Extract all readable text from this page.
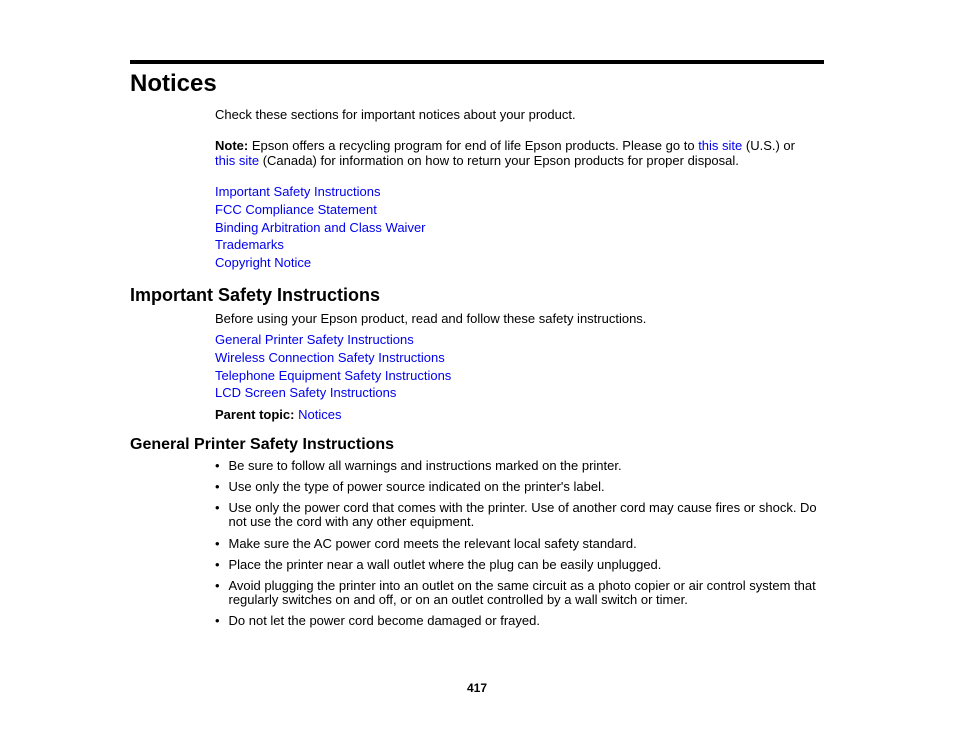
Notices

Check these sections for important notices about your product.

Note: Epson offers a recycling program for end of life Epson products. Please go to this site (U.S.) or
this site (Canada) for information on how to return your Epson products for proper disposal.

Important Safety Instructions
FCC Compliance Statement
Binding Arbitration and Class Waiver
Trademarks
Copyright Notice
Important Safety Instructions

Before using your Epson product, read and follow these safety instructions.

General Printer Safety Instructions
Wireless Connection Safety Instructions
Telephone Equipment Safety Instructions
LCD Screen Safety Instructions

Parent topic: Notices

General Printer Safety Instructions
• Be sure to follow all warnings and instructions marked on the printer.
• Use only the type of power source indicated on the printer's label.
• Use only the power cord that comes with the printer. Use of another cord may cause fires or shock. Do not use the cord with any other equipment.
• Make sure the AC power cord meets the relevant local safety standard.
• Place the printer near a wall outlet where the plug can be easily unplugged.
• Avoid plugging the printer into an outlet on the same circuit as a photo copier or air control system that regularly switches on and off, or on an outlet controlled by a wall switch or timer.
• Do not let the power cord become damaged or frayed.
417
